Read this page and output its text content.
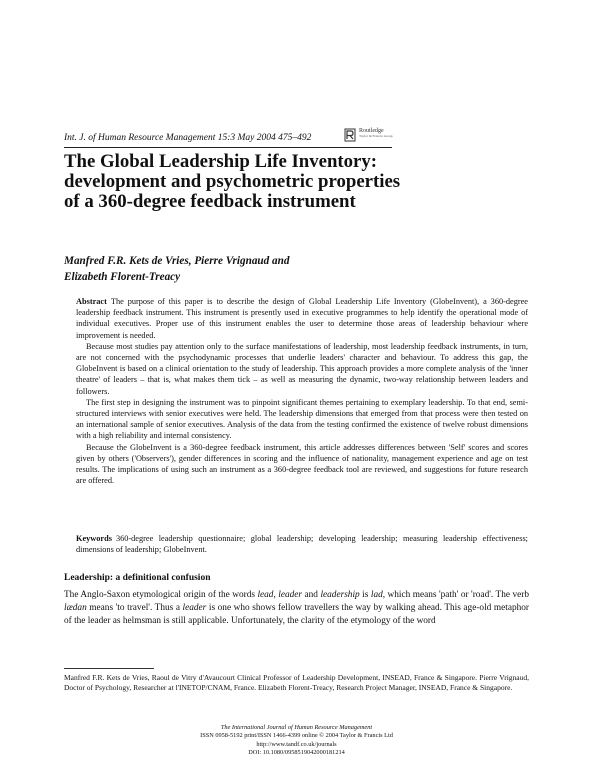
Int. J. of Human Resource Management 15:3 May 2004 475–492
Routledge
Taylor & Francis Group
The Global Leadership Life Inventory:
development and psychometric properties
of a 360-degree feedback instrument
Manfred F.R. Kets de Vries, Pierre Vrignaud and
Elizabeth Florent-Treacy

Abstract The purpose of this paper is to describe the design of Global Leadership Life Inventory (GlobeInvent), a 360-degree leadership feedback instrument. This instrument is presently used in executive programmes to help identify the operational mode of individual executives. Proper use of this instrument enables the user to determine those areas of leadership behaviour where improvement is needed.

Because most studies pay attention only to the surface manifestations of leadership, most leadership feedback instruments, in turn, are not concerned with the psychodynamic processes that underlie leaders' character and behaviour. To address this gap, the GlobeInvent is based on a clinical orientation to the study of leadership. This approach provides a more complete analysis of the 'inner theatre' of leaders – that is, what makes them tick – as well as measuring the dynamic, two-way relationship between leaders and followers.

The first step in designing the instrument was to pinpoint significant themes pertaining to exemplary leadership. To that end, semi-structured interviews with senior executives were held. The leadership dimensions that emerged from that process were then tested on an international sample of senior executives. Analysis of the data from the testing confirmed the existence of twelve robust dimensions with a high reliability and internal consistency.

Because the GlobeInvent is a 360-degree feedback instrument, this article addresses differences between 'Self' scores and scores given by others ('Observers'), gender differences in scoring and the influence of nationality, management experience and age on test results. The implications of using such an instrument as a 360-degree feedback tool are reviewed, and suggestions for future research are offered.

Keywords 360-degree leadership questionnaire; global leadership; developing leadership; measuring leadership effectiveness; dimensions of leadership; GlobeInvent.
Leadership: a definitional confusion

The Anglo-Saxon etymological origin of the words lead, leader and leadership is lad, which means 'path' or 'road'. The verb lædan means 'to travel'. Thus a leader is one who shows fellow travellers the way by walking ahead. This age-old metaphor of the leader as helmsman is still applicable. Unfortunately, the clarity of the etymology of the word

Manfred F.R. Kets de Vries, Raoul de Vitry d'Avaucourt Clinical Professor of Leadership Development, INSEAD, France & Singapore. Pierre Vrignaud, Doctor of Psychology, Researcher at l'INETOP/CNAM, France. Elizabeth Florent-Treacy, Research Project Manager, INSEAD, France & Singapore.

The International Journal of Human Resource Management
ISSN 0958-5192 print/ISSN 1466-4399 online © 2004 Taylor & Francis Ltd
http://www.tandf.co.uk/journals
DOI: 10.1080/0958519042000181214
